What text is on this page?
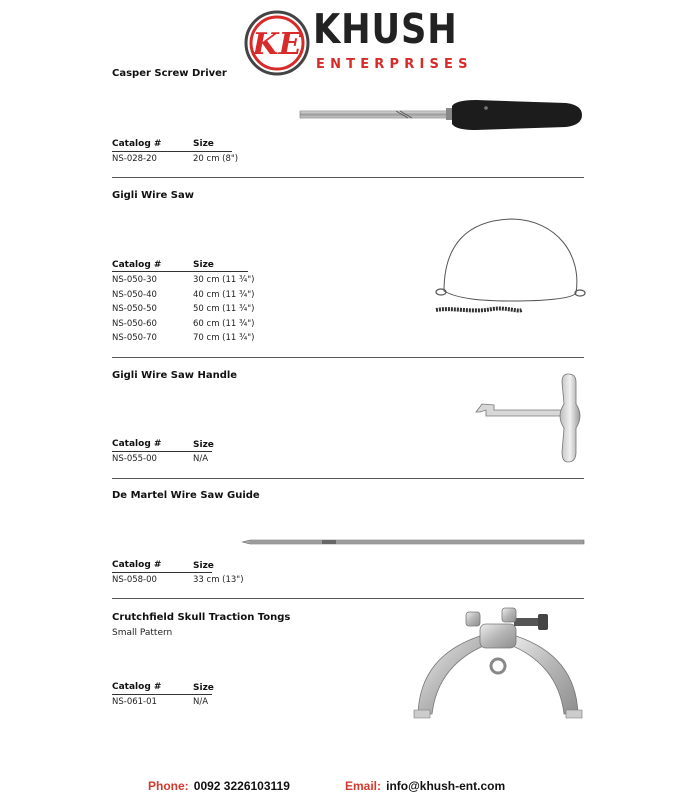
KE KHUSH
ENTERPRISES
Casper Screw Driver
Catalog #	Size
NS-028-20	20 cm (8")
Gigli Wire Saw
Catalog #	Size
NS-050-30	30 cm (11 ¾")
NS-050-40	40 cm (11 ¾")
NS-050-50	50 cm (11 ¾")
NS-050-60	60 cm (11 ¾")
NS-050-70	70 cm (11 ¾")
Gigli Wire Saw Handle
Catalog #	Size
NS-055-00	N/A
De Martel Wire Saw Guide
Catalog #	Size
NS-058-00	33 cm (13")
Crutchfield Skull Traction Tongs
Small Pattern
Catalog #	Size
NS-061-01	N/A
Phone: 0092 3226103119	Email: info@khush-ent.com
